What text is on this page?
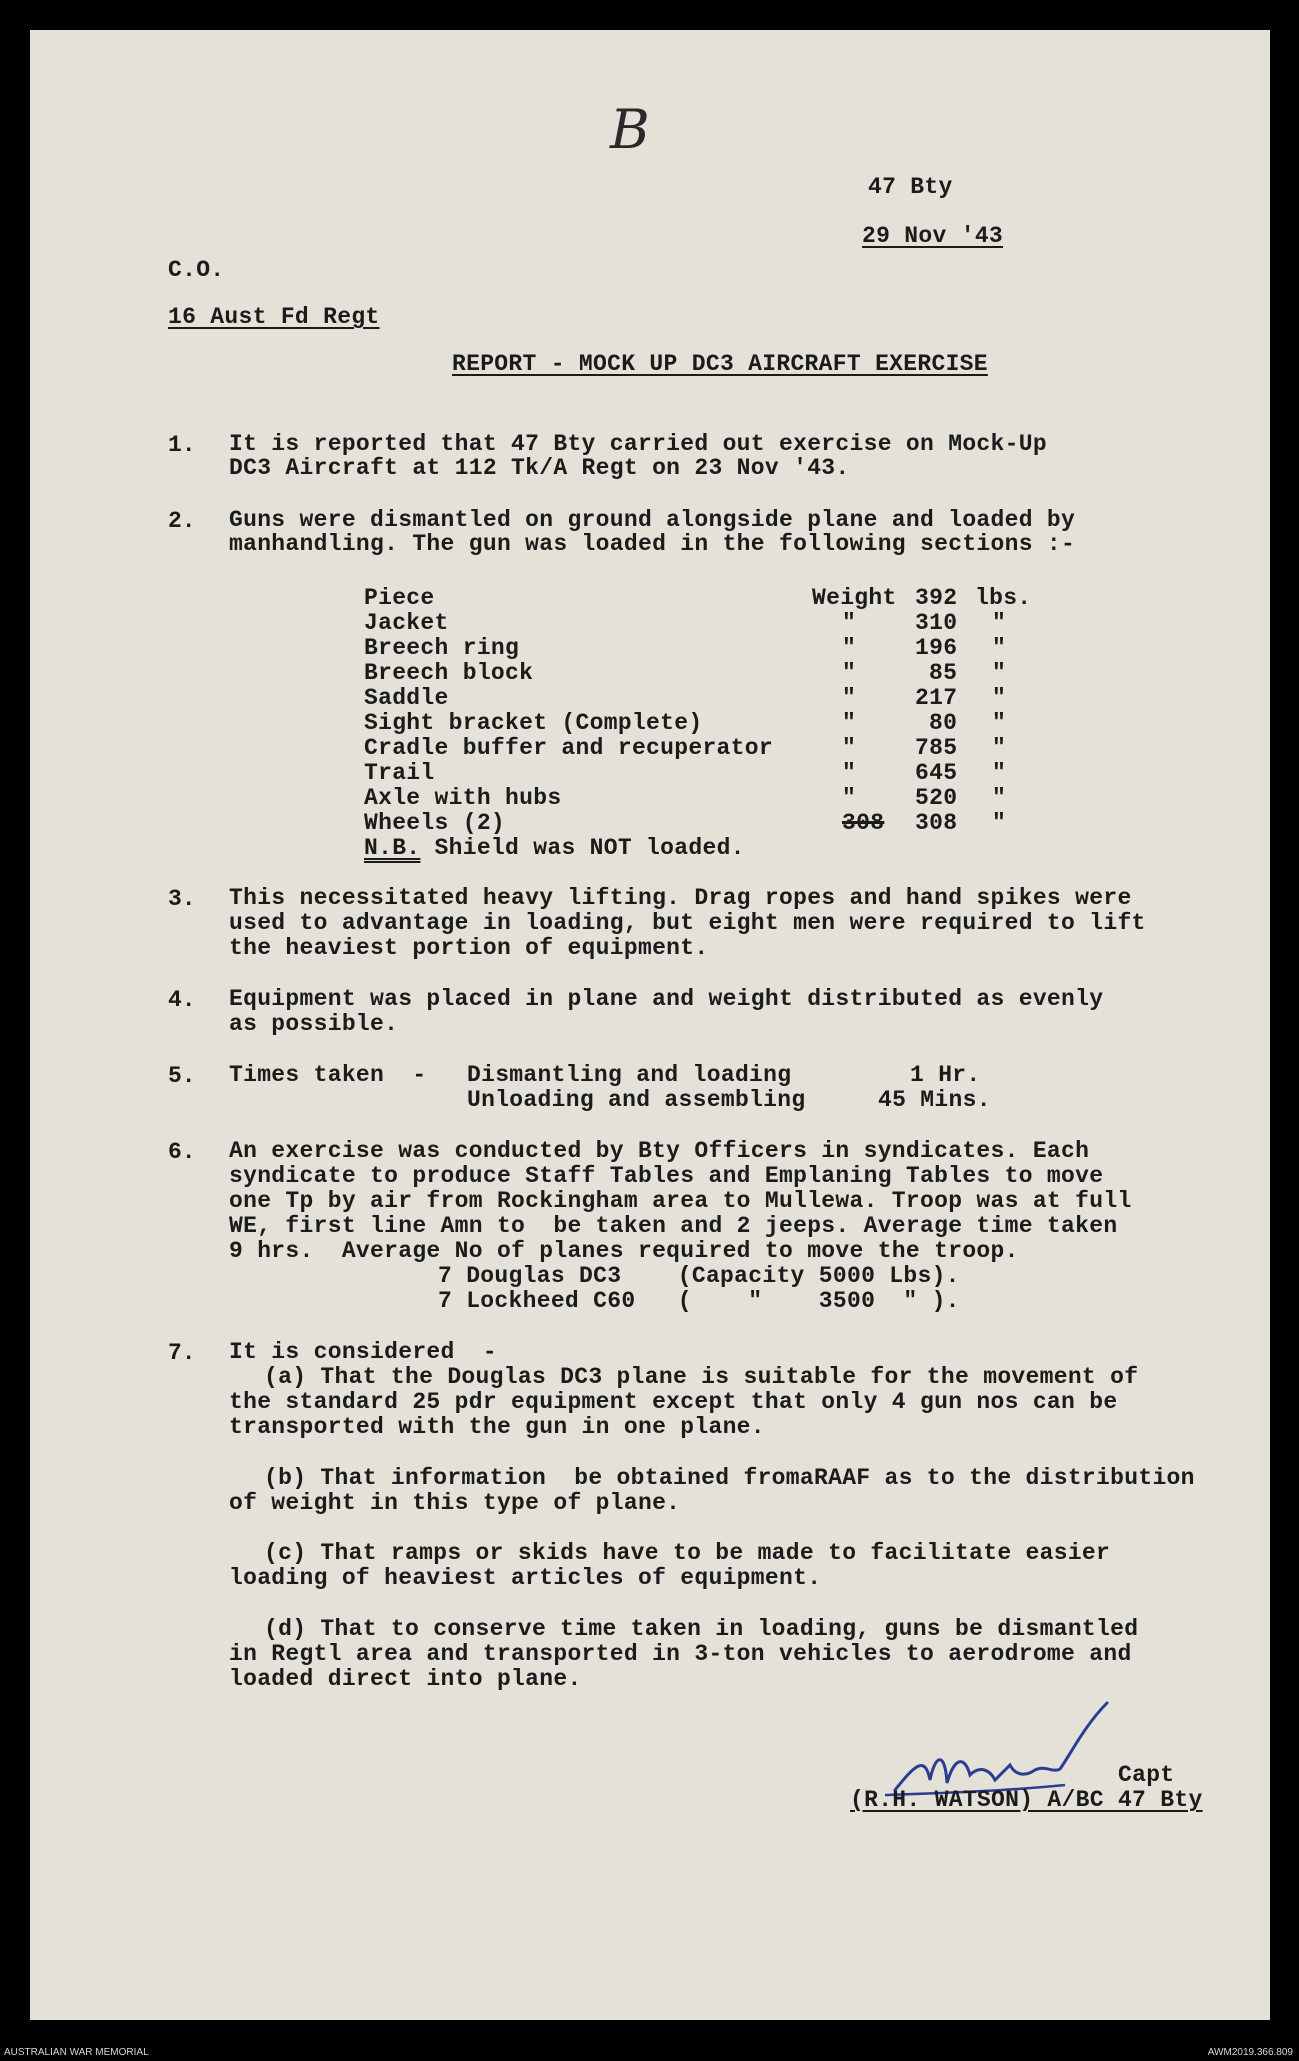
B
47 Bty
29 Nov '43
C.O.
16 Aust Fd Regt
REPORT - MOCK UP DC3 AIRCRAFT EXERCISE
1. It is reported that 47 Bty carried out exercise on Mock-Up
DC3 Aircraft at 112 Tk/A Regt on 23 Nov '43.
2. Guns were dismantled on ground alongside plane and loaded by
manhandling. The gun was loaded in the following sections :-
Piece	Weight 392 lbs.
Jacket	"	310 "
Breech ring	"	196 "
Breech block	"	85 "
Saddle	"	217 "
Sight bracket (Complete)	"	80 "
Cradle buffer and recuperator	"	785 "
Trail	"	645 "
Axle with hubs	"	520 "
Wheels (2)	308 308 "
N.B. Shield was NOT loaded.
3. This necessitated heavy lifting. Drag ropes and hand spikes were
used to advantage in loading, but eight men were required to lift
the heaviest portion of equipment.
4. Equipment was placed in plane and weight distributed as evenly
as possible.
5. Times taken  - Dismantling and loading	1 Hr.
Unloading and assembling	45 Mins.
6. An exercise was conducted by Bty Officers in syndicates. Each
syndicate to produce Staff Tables and Emplaning Tables to move
one Tp by air from Rockingham area to Mullewa. Troop was at full
WE, first line Amn to  be taken and 2 jeeps. Average time taken
9 hrs.  Average No of planes required to move the troop.
7 Douglas DC3    (Capacity 5000 Lbs).
7 Lockheed C60   (    "    3500  " ).
7. It is considered  -
(a) That the Douglas DC3 plane is suitable for the movement of
the standard 25 pdr equipment except that only 4 gun nos can be
transported with the gun in one plane.
(b) That information  be obtained fromaRAAF as to the distribution
of weight in this type of plane.
(c) That ramps or skids have to be made to facilitate easier
loading of heaviest articles of equipment.
(d) That to conserve time taken in loading, guns be dismantled
in Regtl area and transported in 3-ton vehicles to aerodrome and
loaded direct into plane.
Capt
(R.H. WATSON) A/BC 47 Bty
AUSTRALIAN WAR MEMORIAL	AWM2019.366.809
